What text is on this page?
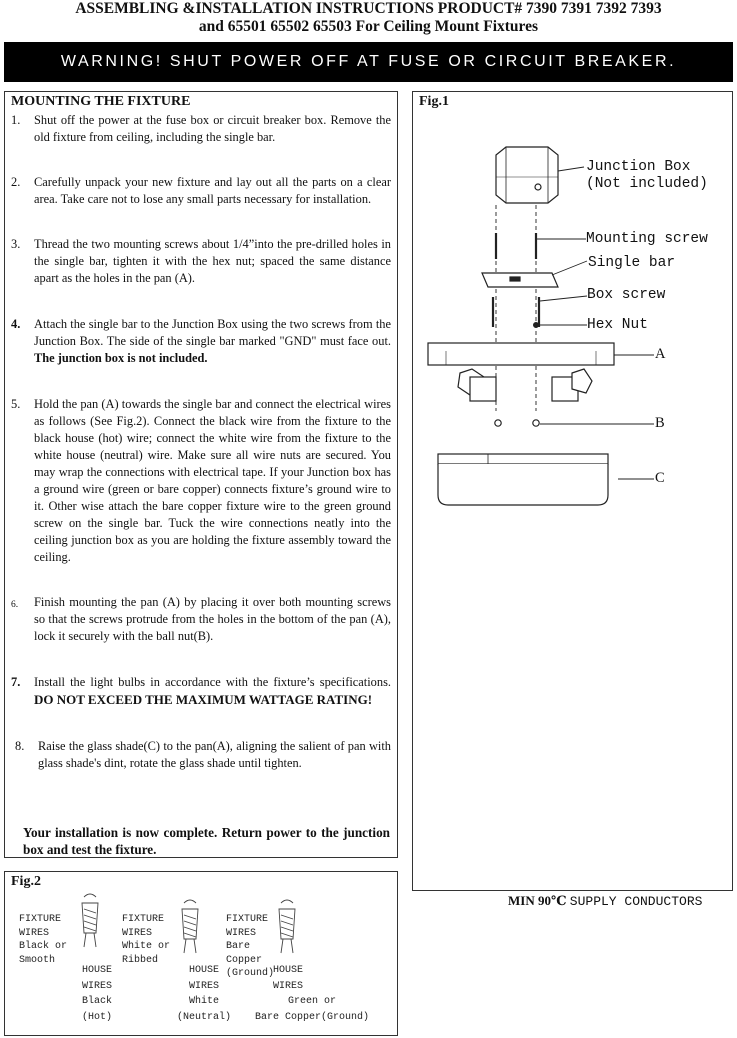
ASSEMBLING &INSTALLATION INSTRUCTIONS PRODUCT# 7390 7391 7392 7393
and 65501 65502 65503 For Ceiling Mount Fixtures
WARNING! SHUT POWER OFF AT FUSE OR CIRCUIT BREAKER.
MOUNTING THE FIXTURE
1. Shut off the power at the fuse box or circuit breaker box. Remove the old fixture from ceiling, including the single bar.
2. Carefully unpack your new fixture and lay out all the parts on a clear area. Take care not to lose any small parts necessary for installation.
3. Thread the two mounting screws about 1/4”into the pre-drilled holes in the single bar, tighten it with the hex nut; spaced the same distance apart as the holes in the pan (A).
4. Attach the single bar to the Junction Box using the two screws from the Junction Box. The side of the single bar marked "GND" must face out. The junction box is not included.
5. Hold the pan (A) towards the single bar and connect the electrical wires as follows (See Fig.2). Connect the black wire from the fixture to the black house (hot) wire; connect the white wire from the fixture to the white house (neutral) wire. Make sure all wire nuts are secured. You may wrap the connections with electrical tape. If your Junction box has a ground wire (green or bare copper) connects fixture’s ground wire to it. Other wise attach the bare copper fixture wire to the green ground screw on the single bar. Tuck the wire connections neatly into the ceiling junction box as you are holding the fixture assembly toward the ceiling.
6. Finish mounting the pan (A) by placing it over both mounting screws so that the screws protrude from the holes in the bottom of the pan (A), lock it securely with the ball nut(B).
7. Install the light bulbs in accordance with the fixture’s specifications. DO NOT EXCEED THE MAXIMUM WATTAGE RATING!
8. Raise the glass shade(C) to the pan(A), aligning the salient of pan with glass shade's dint, rotate the glass shade until tighten.
Your installation is now complete. Return power to the junction box and test the fixture.
Fig.1
Junction Box
(Not included)
Mounting screw
Single bar
Box screw
Hex Nut
A
B
C
MIN 90℃ SUPPLY CONDUCTORS
Fig.2
FIXTURE
WIRES
Black or
Smooth
HOUSE
WIRES
Black
(Hot)
FIXTURE
WIRES
White or
Ribbed
HOUSE
WIRES
White
(Neutral)
FIXTURE
WIRES
Bare
Copper
(Ground)
HOUSE
WIRES
Green or
Bare Copper(Ground)
